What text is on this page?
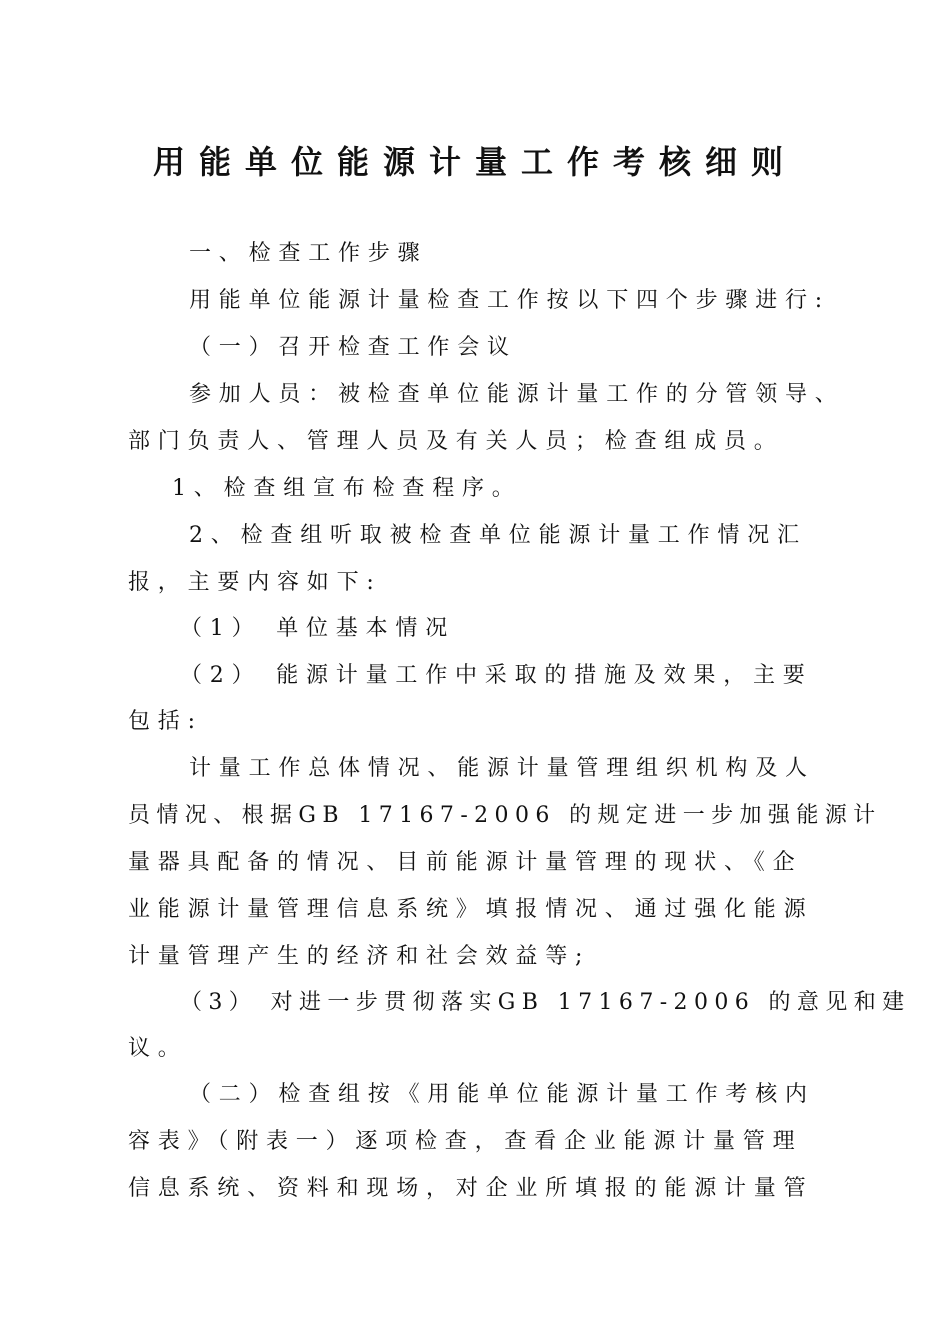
用能单位能源计量工作考核细则
一、检查工作步骤
用能单位能源计量检查工作按以下四个步骤进行:
（一）召开检查工作会议
参加人员：被检查单位能源计量工作的分管领导、
部门负责人、管理人员及有关人员；检查组成员。
1、检查组宣布检查程序。
2、检查组听取被检查单位能源计量工作情况汇
报，主要内容如下:
（1） 单位基本情况
（2） 能源计量工作中采取的措施及效果，主要
包括:
计量工作总体情况、能源计量管理组织机构及人
员情况、根据GB 17167-2006 的规定进一步加强能源计
量器具配备的情况、目前能源计量管理的现状、《企
业能源计量管理信息系统》填报情况、通过强化能源
计量管理产生的经济和社会效益等;
（3） 对进一步贯彻落实GB 17167-2006 的意见和建
议。
（二）检查组按《用能单位能源计量工作考核内
容表》（附表一）逐项检查，查看企业能源计量管理
信息系统、资料和现场，对企业所填报的能源计量管
